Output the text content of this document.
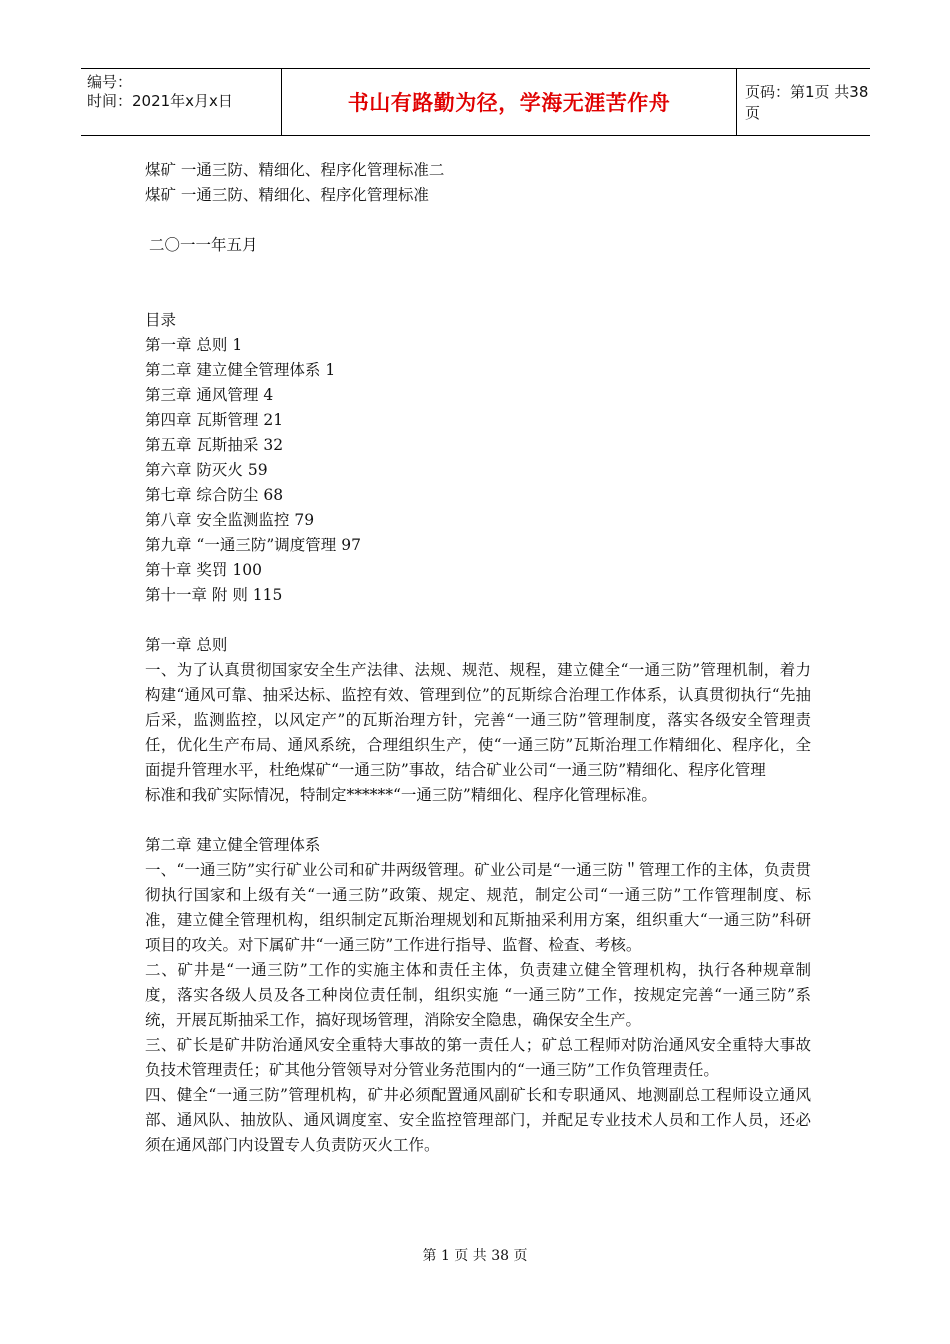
编号：
时间：2021年x月x日	书山有路勤为径，学海无涯苦作舟	页码：第1页 共38页
煤矿 一通三防、精细化、程序化管理标准二
煤矿 一通三防、精细化、程序化管理标准
二〇一一年五月
目录
第一章 总则 1
第二章 建立健全管理体系 1
第三章 通风管理 4
第四章 瓦斯管理 21
第五章 瓦斯抽采 32
第六章 防灭火 59
第七章 综合防尘 68
第八章 安全监测监控 79
第九章 “一通三防”调度管理 97
第十章 奖罚 100
第十一章 附 则 115
第一章 总则
一、为了认真贯彻国家安全生产法律、法规、规范、规程，建立健全“一通三防”管理机制，着力构建“通风可靠、抽采达标、监控有效、管理到位”的瓦斯综合治理工作体系，认真贯彻执行“先抽后采，监测监控，以风定产”的瓦斯治理方针，完善“一通三防”管理制度，落实各级安全管理责任，优化生产布局、通风系统，合理组织生产，使“一通三防”瓦斯治理工作精细化、程序化，全面提升管理水平，杜绝煤矿“一通三防”事故，结合矿业公司“一通三防”精细化、程序化管理
标准和我矿实际情况，特制定******“一通三防”精细化、程序化管理标准。
第二章 建立健全管理体系
一、“一通三防”实行矿业公司和矿井两级管理。矿业公司是“一通三防＂管理工作的主体，负责贯彻执行国家和上级有关“一通三防”政策、规定、规范，制定公司“一通三防”工作管理制度、标准，建立健全管理机构，组织制定瓦斯治理规划和瓦斯抽采利用方案，组织重大“一通三防”科研项目的攻关。对下属矿井“一通三防”工作进行指导、监督、检查、考核。
二、矿井是“一通三防”工作的实施主体和责任主体，负责建立健全管理机构，执行各种规章制度，落实各级人员及各工种岗位责任制，组织实施 “一通三防”工作，按规定完善“一通三防”系统，开展瓦斯抽采工作，搞好现场管理，消除安全隐患，确保安全生产。
三、矿长是矿井防治通风安全重特大事故的第一责任人；矿总工程师对防治通风安全重特大事故负技术管理责任；矿其他分管领导对分管业务范围内的“一通三防”工作负管理责任。
四、健全“一通三防”管理机构，矿井必须配置通风副矿长和专职通风、地测副总工程师设立通风部、通风队、抽放队、通风调度室、安全监控管理部门，并配足专业技术人员和工作人员，还必须在通风部门内设置专人负责防灭火工作。
第 1 页 共 38 页
